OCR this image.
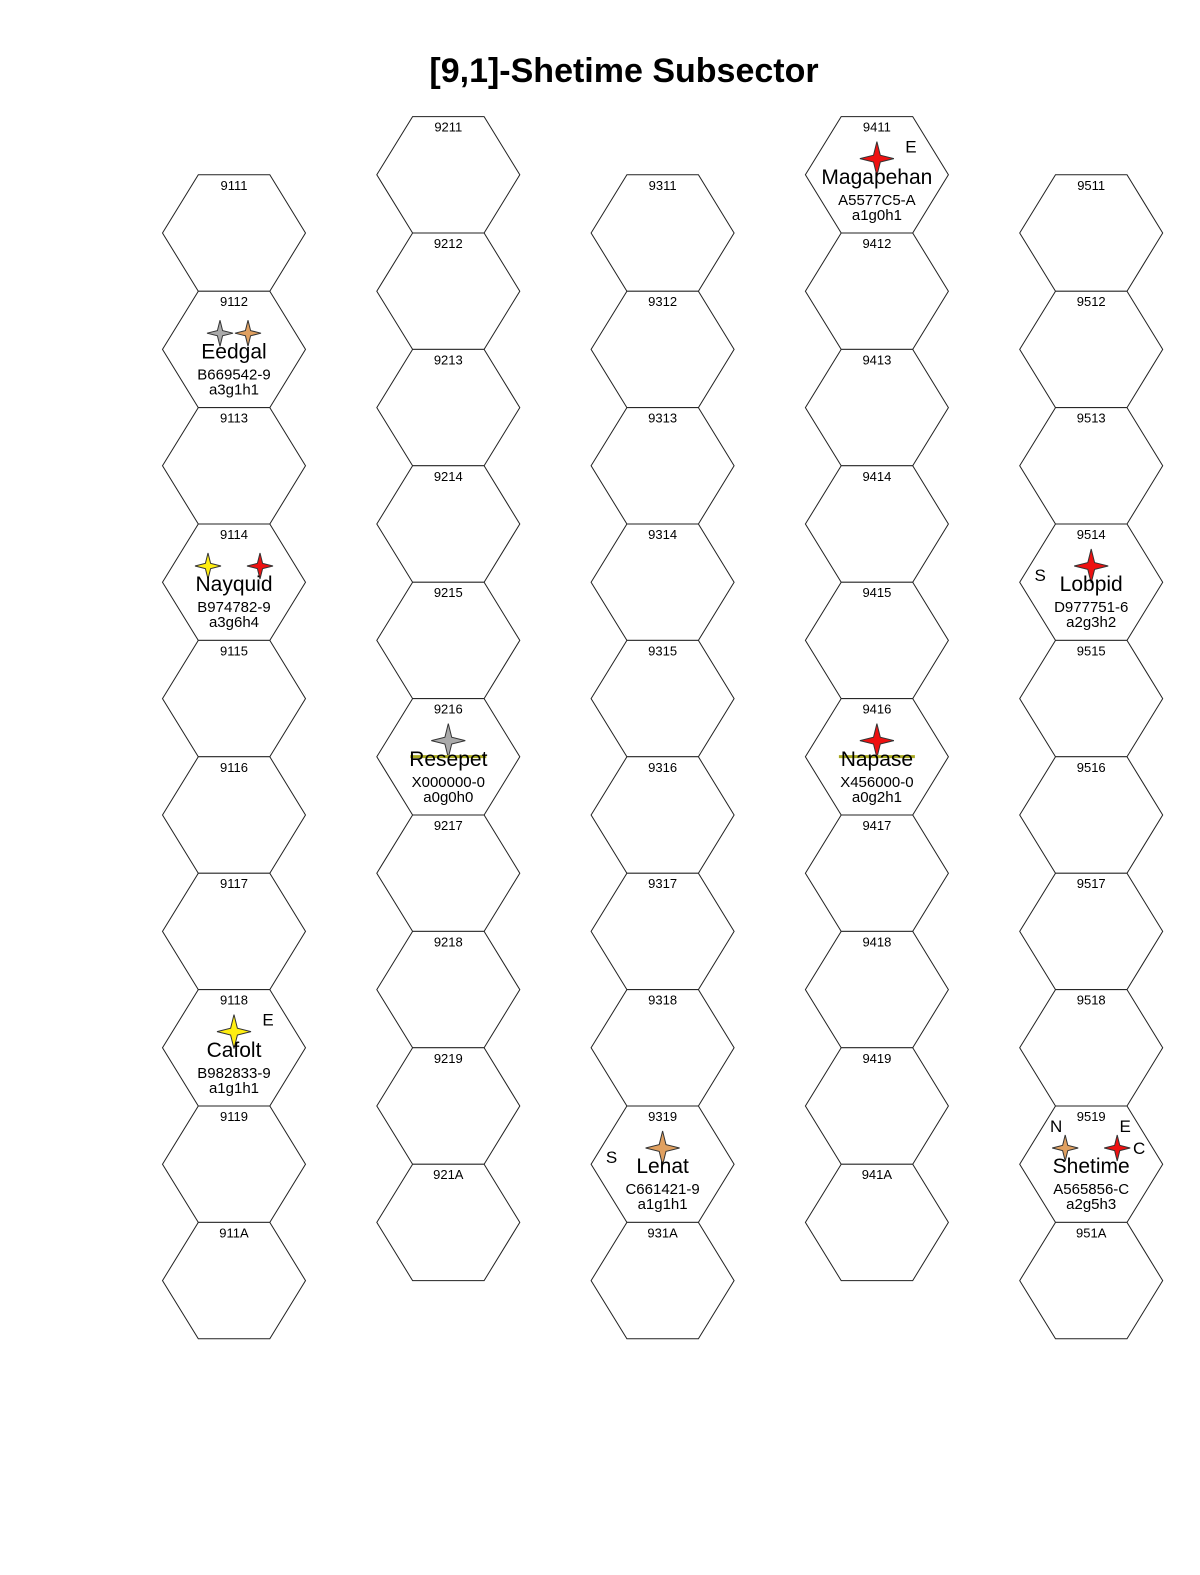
[9,1]-Shetime Subsector
9111
9112
9113
9114
9115
9116
9117
9118
9119
911A
9211
9212
9213
9214
9215
9216
9217
9218
9219
921A
9311
9312
9313
9314
9315
9316
9317
9318
9319
931A
9411
9412
9413
9414
9415
9416
9417
9418
9419
941A
9511
9512
9513
9514
9515
9516
9517
9518
9519
951A
E
Magapehan
A5577C5-A
a1g0h1
Eedgal
B669542-9
a3g1h1
Nayquid
B974782-9
a3g6h4
S Lobpid
D977751-6
a2g3h2
Resepet
X000000-0
a0g0h0
Napase
X456000-0
a0g2h1
E
Cafolt
B982833-9
a1g1h1
S Lenat
C661421-9
a1g1h1
N	E
C
Shetime
A565856-C
a2g5h3
